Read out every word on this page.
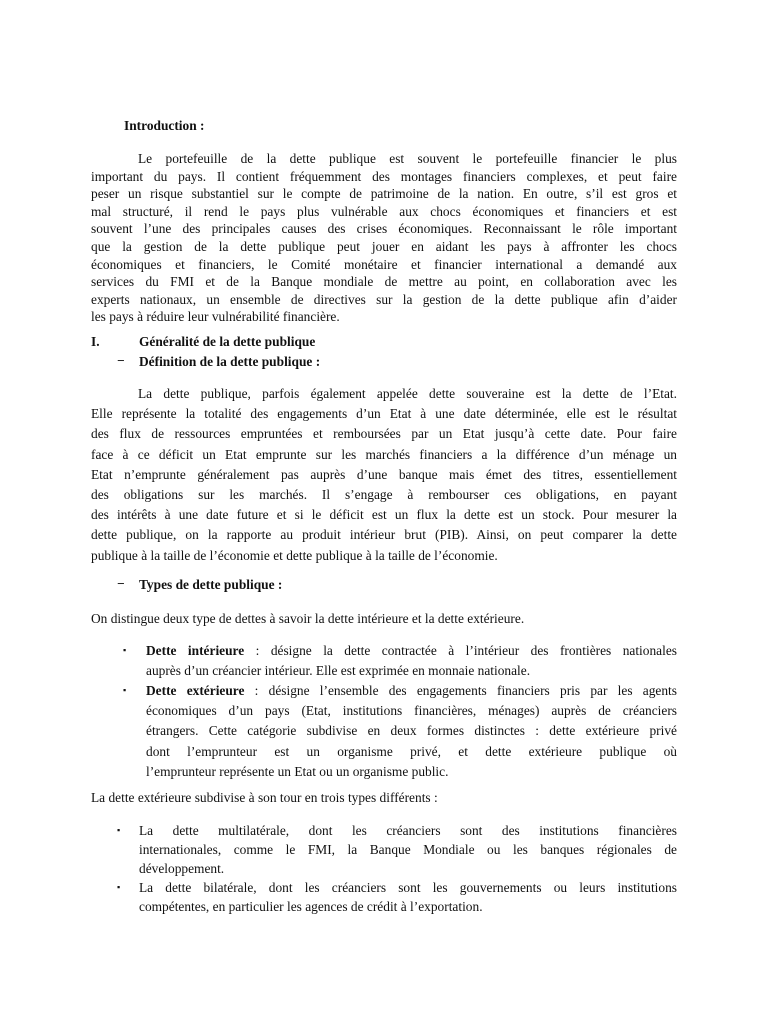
Introduction :
Le portefeuille de la dette publique est souvent le portefeuille financier le plus
important du pays. Il contient fréquemment des montages financiers complexes, et peut faire
peser un risque substantiel sur le compte de patrimoine de la nation. En outre, s’il est gros et
mal structuré, il rend le pays plus vulnérable aux chocs économiques et financiers et est
souvent l’une des principales causes des crises économiques. Reconnaissant le rôle important
que la gestion de la dette publique peut jouer en aidant les pays à affronter les chocs
économiques et financiers, le Comité monétaire et financier international a demandé aux
services du FMI et de la Banque mondiale de mettre au point, en collaboration avec les
experts nationaux, un ensemble de directives sur la gestion de la dette publique afin d’aider
les pays à réduire leur vulnérabilité financière.
I.	Généralité de la dette publique
− Définition de la dette publique :
La dette publique, parfois également appelée dette souveraine est la dette de l’Etat.
Elle représente la totalité des engagements d’un Etat à une date déterminée, elle est le résultat
des flux de ressources empruntées et remboursées par un Etat jusqu’à cette date. Pour faire
face à ce déficit un Etat emprunte sur les marchés financiers a la différence d’un ménage un
Etat n’emprunte généralement pas auprès d’une banque mais émet des titres, essentiellement
des obligations sur les marchés. Il s’engage à rembourser ces obligations, en payant
des intérêts à une date future et si le déficit est un flux la dette est un stock. Pour mesurer la
dette publique, on la rapporte au produit intérieur brut (PIB). Ainsi, on peut comparer la dette
publique à la taille de l’économie et dette publique à la taille de l’économie.
− Types de dette publique :
On distingue deux type de dettes à savoir la dette intérieure et la dette extérieure.
▪	Dette intérieure : désigne la dette contractée à l’intérieur des frontières nationales
auprès d’un créancier intérieur. Elle est exprimée en monnaie nationale.
▪	Dette extérieure : désigne l’ensemble des engagements financiers pris par les agents
économiques d’un pays (Etat, institutions financières, ménages) auprès de créanciers
étrangers. Cette catégorie subdivise en deux formes distinctes : dette extérieure privé
dont l’emprunteur est un organisme privé, et dette extérieure publique où
l’emprunteur représente un Etat ou un organisme public.
La dette extérieure subdivise à son tour en trois types différents :
▪	La dette multilatérale, dont les créanciers sont des institutions financières
internationales, comme le FMI, la Banque Mondiale ou les banques régionales de
développement.
▪	La dette bilatérale, dont les créanciers sont les gouvernements ou leurs institutions
compétentes, en particulier les agences de crédit à l’exportation.
